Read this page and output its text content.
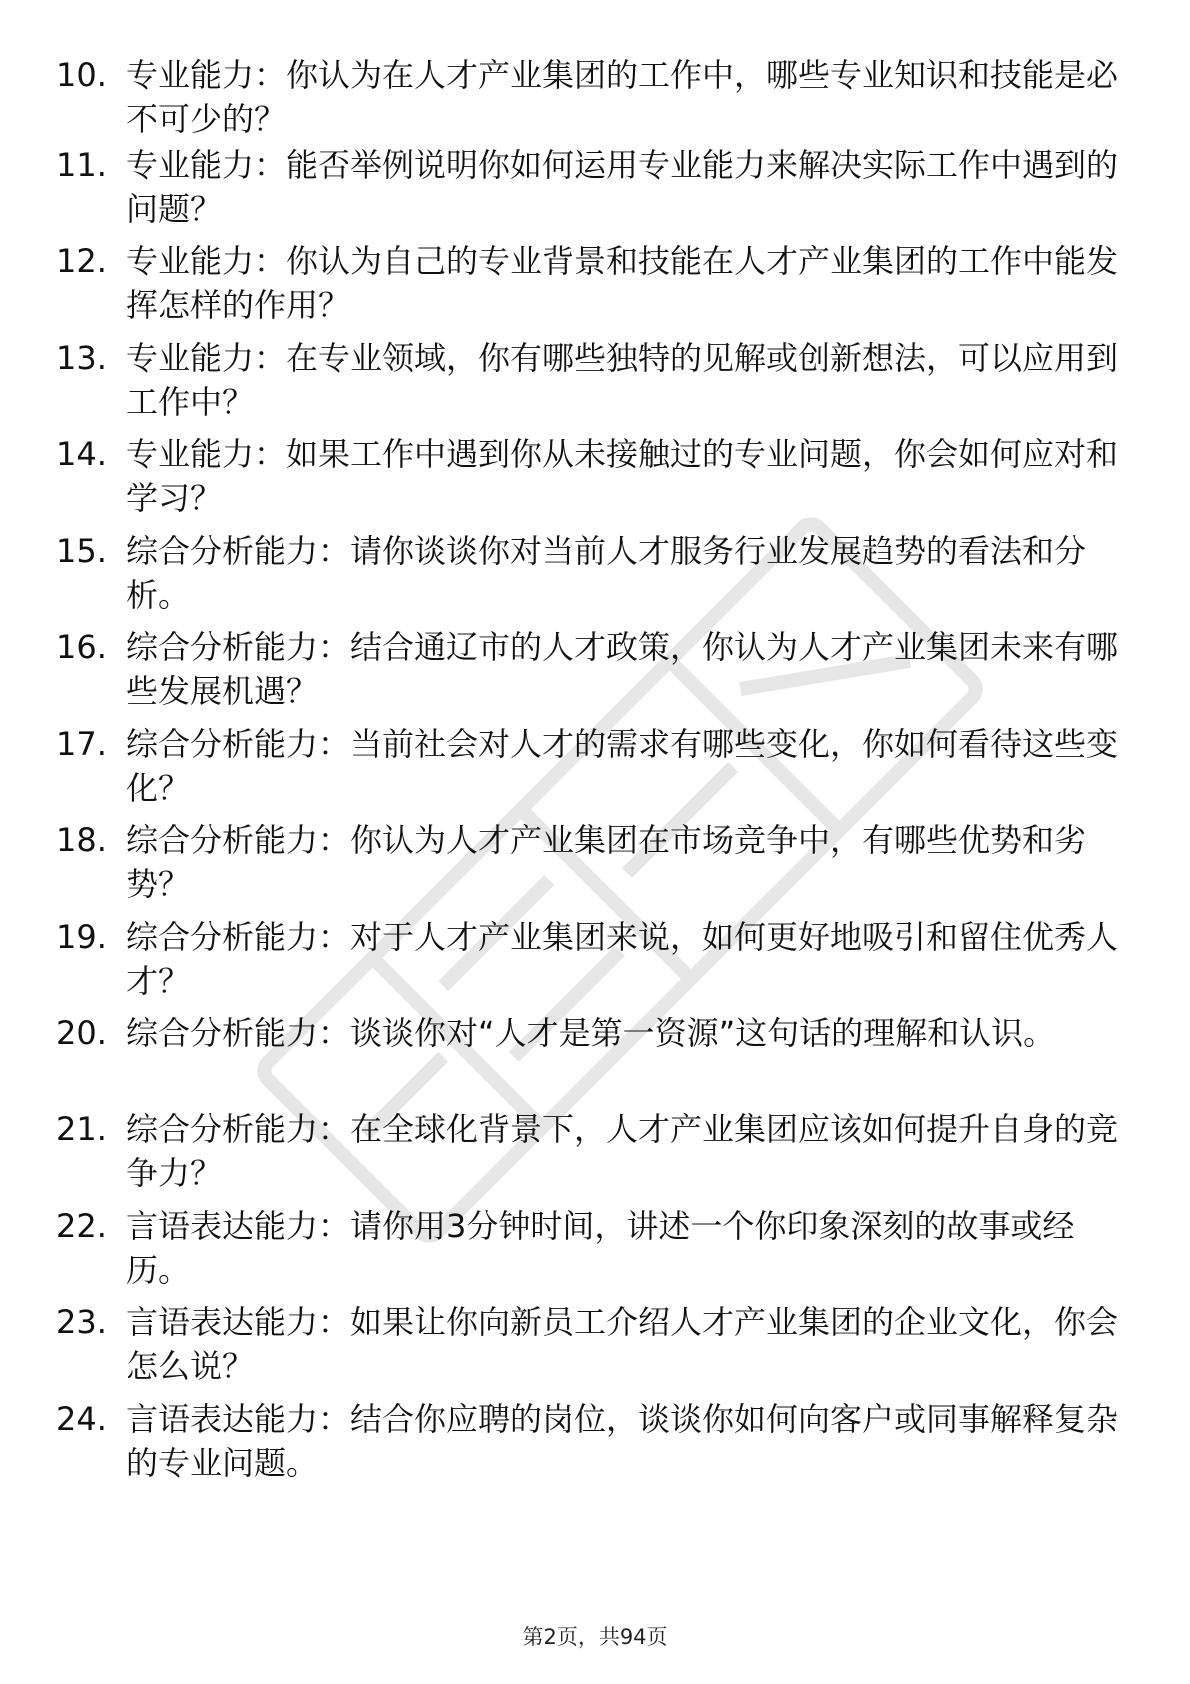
10. 专业能力：你认为在人才产业集团的工作中，哪些专业知识和技能是必不可少的？
11. 专业能力：能否举例说明你如何运用专业能力来解决实际工作中遇到的问题？
12. 专业能力：你认为自己的专业背景和技能在人才产业集团的工作中能发挥怎样的作用？
13. 专业能力：在专业领域，你有哪些独特的见解或创新想法，可以应用到工作中？
14. 专业能力：如果工作中遇到你从未接触过的专业问题，你会如何应对和学习？
15. 综合分析能力：请你谈谈你对当前人才服务行业发展趋势的看法和分析。
16. 综合分析能力：结合通辽市的人才政策，你认为人才产业集团未来有哪些发展机遇？
17. 综合分析能力：当前社会对人才的需求有哪些变化，你如何看待这些变化？
18. 综合分析能力：你认为人才产业集团在市场竞争中，有哪些优势和劣势？
19. 综合分析能力：对于人才产业集团来说，如何更好地吸引和留住优秀人才？
20. 综合分析能力：谈谈你对“人才是第一资源”这句话的理解和认识。
21. 综合分析能力：在全球化背景下，人才产业集团应该如何提升自身的竞争力？
22. 言语表达能力：请你用3分钟时间，讲述一个你印象深刻的故事或经历。
23. 言语表达能力：如果让你向新员工介绍人才产业集团的企业文化，你会怎么说？
24. 言语表达能力：结合你应聘的岗位，谈谈你如何向客户或同事解释复杂的专业问题。
第2页，共94页
